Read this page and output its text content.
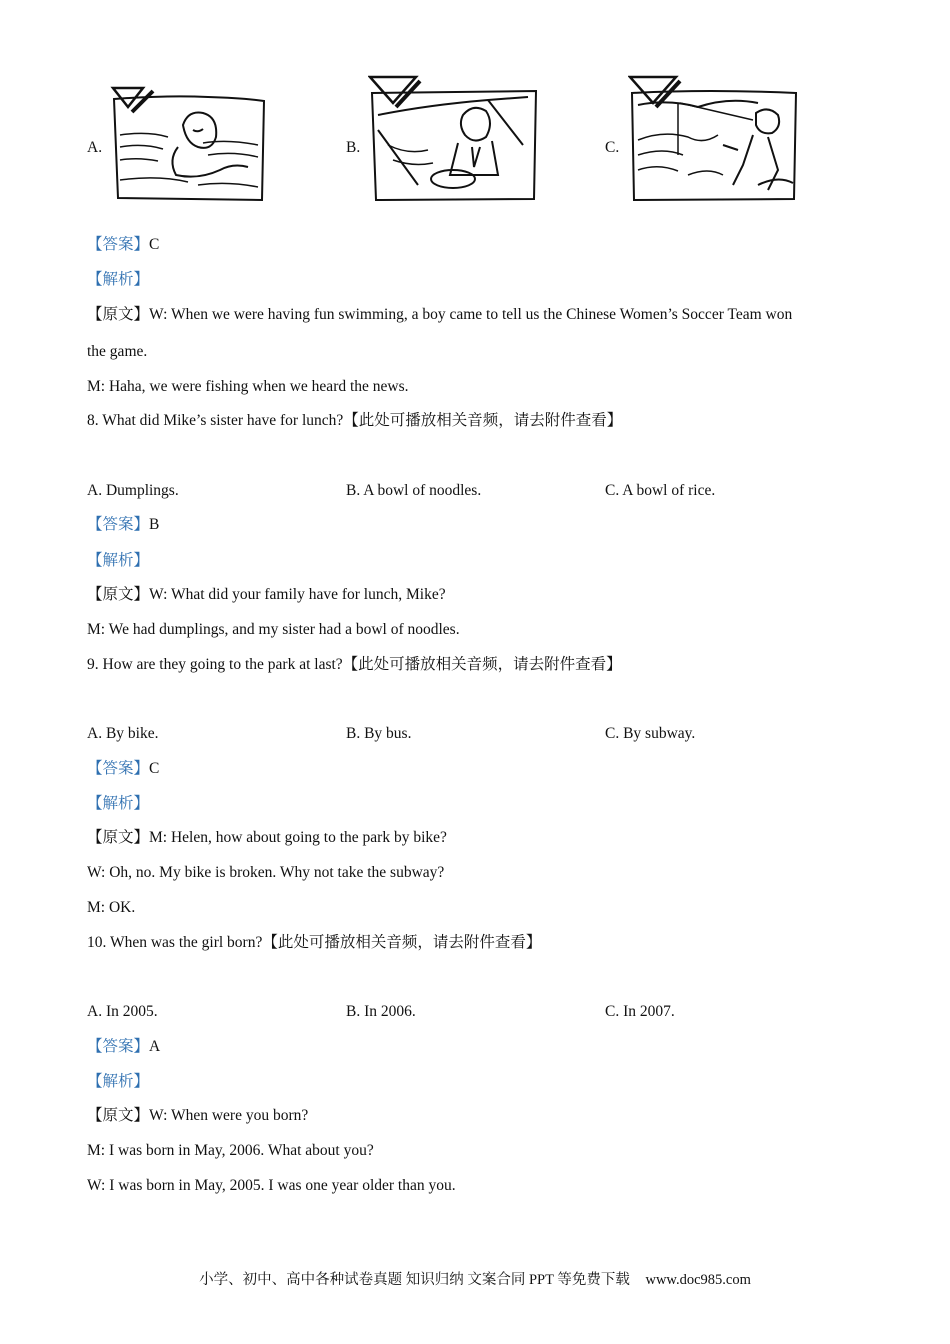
A.	B.	C.
【答案】C
【解析】
【原文】W: When we were having fun swimming, a boy came to tell us the Chinese Women’s Soccer Team won
the game.
M: Haha, we were fishing when we heard the news.
8. What did Mike’s sister have for lunch?【此处可播放相关音频，请去附件查看】
A. Dumplings.	B. A bowl of noodles.	C. A bowl of rice.
【答案】B
【解析】
【原文】W: What did your family have for lunch, Mike?
M: We had dumplings, and my sister had a bowl of noodles.
9. How are they going to the park at last?【此处可播放相关音频，请去附件查看】
A. By bike.	B. By bus.	C. By subway.
【答案】C
【解析】
【原文】M: Helen, how about going to the park by bike?
W: Oh, no. My bike is broken. Why not take the subway?
M: OK.
10. When was the girl born?【此处可播放相关音频，请去附件查看】
A. In 2005.	B. In 2006.	C. In 2007.
【答案】A
【解析】
【原文】W: When were you born?
M: I was born in May, 2006. What about you?
W: I was born in May, 2005. I was one year older than you.
小学、初中、高中各种试卷真题 知识归纳 文案合同 PPT 等免费下载 www.doc985.com
